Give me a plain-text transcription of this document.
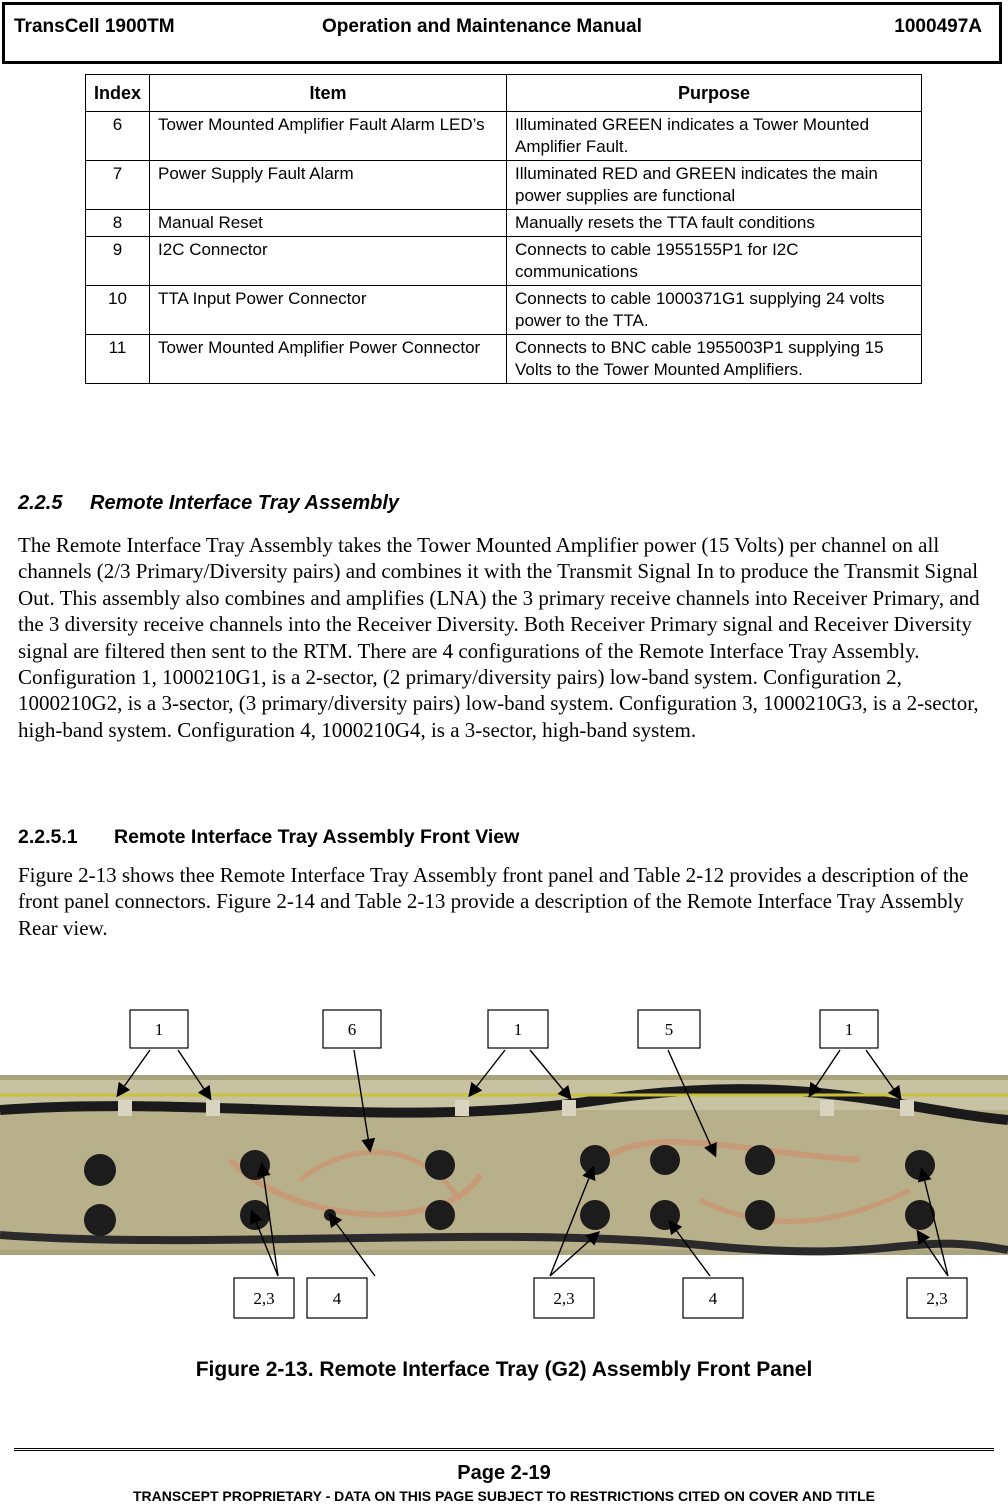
TransCell 1900TM	Operation and Maintenance Manual	1000497A
Index	Item	Purpose
6	Tower Mounted Amplifier Fault Alarm LED’s	Illuminated GREEN indicates a Tower Mounted Amplifier Fault.
7	Power Supply Fault Alarm	Illuminated RED and GREEN indicates the main power supplies are functional
8	Manual Reset	Manually resets the TTA fault conditions
9	I2C Connector	Connects to cable 1955155P1 for I2C communications
10	TTA Input Power Connector	Connects to cable 1000371G1 supplying 24 volts power to the TTA.
11	Tower Mounted Amplifier Power Connector	Connects to BNC cable 1955003P1 supplying 15 Volts to the Tower Mounted Amplifiers.
2.2.5 Remote Interface Tray Assembly
The Remote Interface Tray Assembly takes the Tower Mounted Amplifier power (15 Volts) per channel on all channels (2/3 Primary/Diversity pairs) and combines it with the Transmit Signal In to produce the Transmit Signal Out. This assembly also combines and amplifies (LNA) the 3 primary receive channels into Receiver Primary, and the 3 diversity receive channels into the Receiver Diversity. Both Receiver Primary signal and Receiver Diversity signal are filtered then sent to the RTM. There are 4 configurations of the Remote Interface Tray Assembly. Configuration 1, 1000210G1, is a 2-sector, (2 primary/diversity pairs) low-band system. Configuration 2, 1000210G2, is a 3-sector, (3 primary/diversity pairs) low-band system. Configuration 3, 1000210G3, is a 2-sector, high-band system. Configuration 4, 1000210G4, is a 3-sector, high-band system.
2.2.5.1 Remote Interface Tray Assembly Front View
Figure 2-13 shows thee Remote Interface Tray Assembly front panel and Table 2-12 provides a description of the front panel connectors. Figure 2-14 and Table 2-13 provide a description of the Remote Interface Tray Assembly Rear view.
1	6	1	5	1
2,3	4	2,3	4	2,3
Figure 2-13. Remote Interface Tray (G2) Assembly Front Panel
Page 2-19
TRANSCEPT PROPRIETARY - DATA ON THIS PAGE SUBJECT TO RESTRICTIONS CITED ON COVER AND TITLE
